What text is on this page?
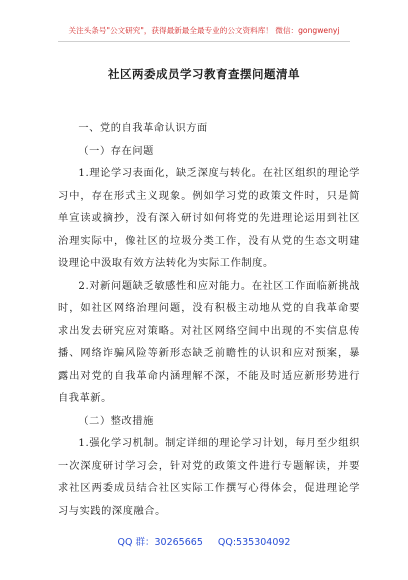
关注头条号"公文研究"，获得最新最全最专业的公文资料库！ 微信：gongwenyj
社区两委成员学习教育查摆问题清单

一、党的自我革命认识方面

（一）存在问题

1.理论学习表面化，缺乏深度与转化。在社区组织的理论学习中，存在形式主义现象。例如学习党的政策文件时，只是简单宣读或摘抄，没有深入研讨如何将党的先进理论运用到社区治理实际中，像社区的垃圾分类工作，没有从党的生态文明建设理论中汲取有效方法转化为实际工作制度。

2.对新问题缺乏敏感性和应对能力。在社区工作面临新挑战时，如社区网络治理问题，没有积极主动地从党的自我革命要求出发去研究应对策略。对社区网络空间中出现的不实信息传播、网络诈骗风险等新形态缺乏前瞻性的认识和应对预案，暴露出对党的自我革命内涵理解不深，不能及时适应新形势进行自我革新。

（二）整改措施

1.强化学习机制。制定详细的理论学习计划，每月至少组织一次深度研讨学习会，针对党的政策文件进行专题解读，并要求社区两委成员结合社区实际工作撰写心得体会，促进理论学习与实践的深度融合。

QQ 群：30265665 QQ:535304092
